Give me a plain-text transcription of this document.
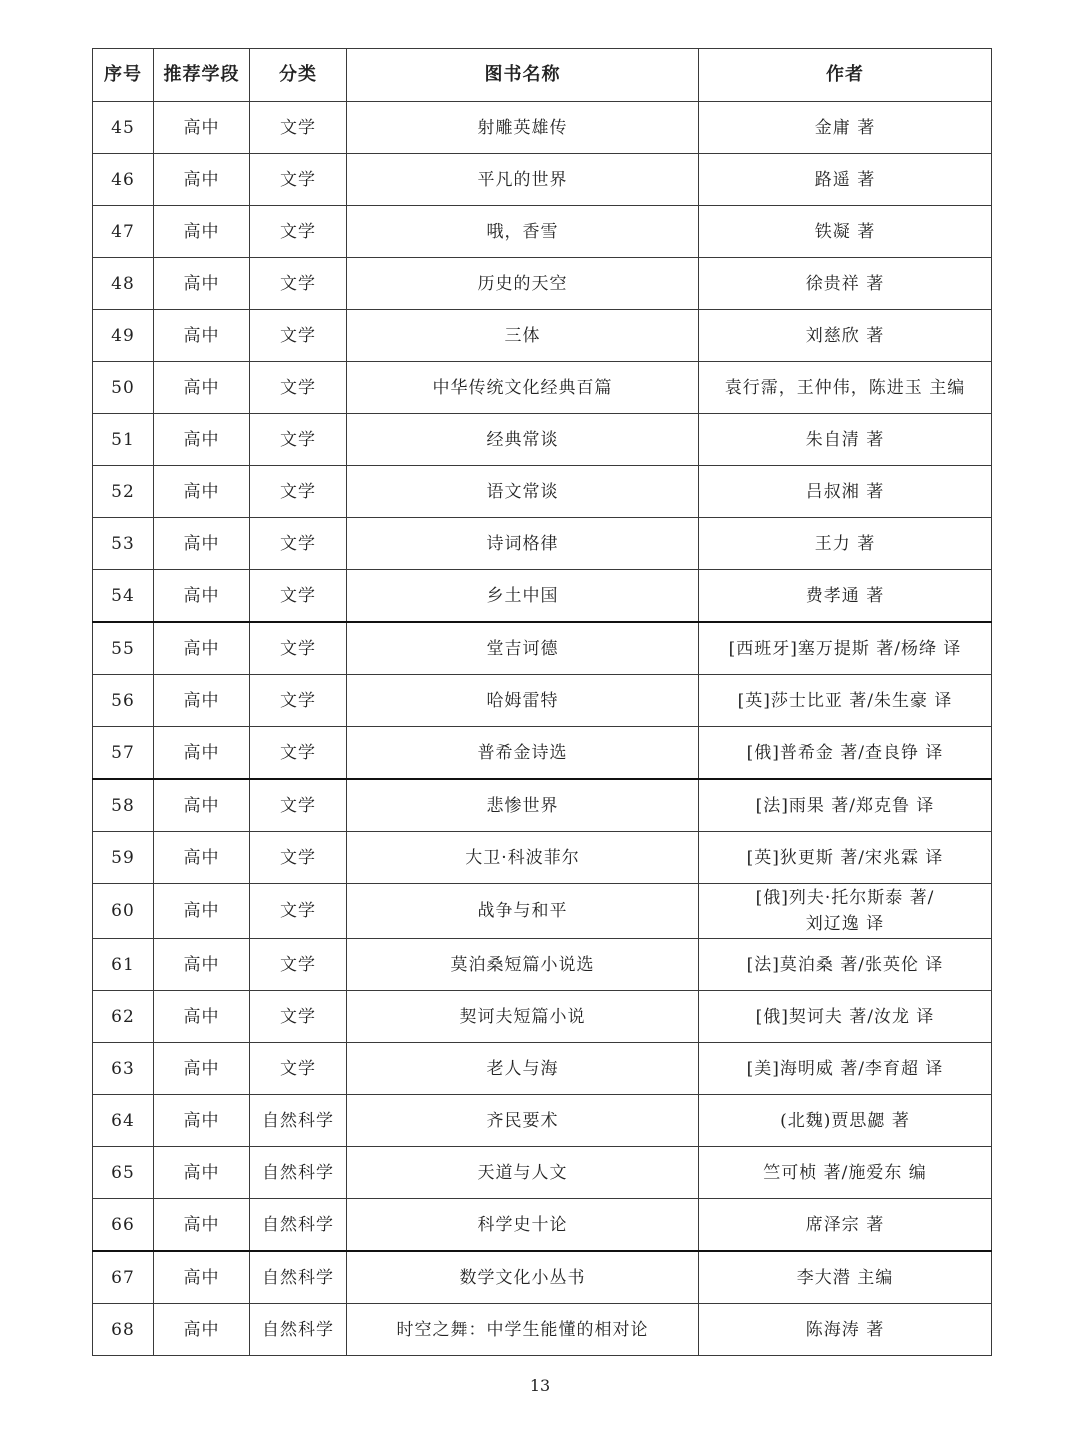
序号	推荐学段	分类	图书名称	作者
45	高中	文学	射雕英雄传	金庸 著

46	高中	文学	平凡的世界	路遥 著

47	高中	文学	哦，香雪	铁凝 著

48	高中	文学	历史的天空	徐贵祥 著

49	高中	文学	三体	刘慈欣 著

50	高中	文学	中华传统文化经典百篇	袁行霈，王仲伟，陈进玉 主编

51	高中	文学	经典常谈	朱自清 著

52	高中	文学	语文常谈	吕叔湘 著

53	高中	文学	诗词格律	王力 著

54	高中	文学	乡土中国	费孝通 著

55	高中	文学	堂吉诃德	[西班牙]塞万提斯 著/杨绛 译

56	高中	文学	哈姆雷特	[英]莎士比亚 著/朱生豪 译

57	高中	文学	普希金诗选	[俄]普希金 著/查良铮 译

58	高中	文学	悲惨世界	[法]雨果 著/郑克鲁 译

59	高中	文学	大卫·科波菲尔	[英]狄更斯 著/宋兆霖 译

60	高中	文学	战争与和平	[俄]列夫·托尔斯泰 著/
刘辽逸 译

61	高中	文学	莫泊桑短篇小说选	[法]莫泊桑 著/张英伦 译

62	高中	文学	契诃夫短篇小说	[俄]契诃夫 著/汝龙 译

63	高中	文学	老人与海	[美]海明威 著/李育超 译

64	高中	自然科学	齐民要术	(北魏)贾思勰 著

65	高中	自然科学	天道与人文	竺可桢 著/施爱东 编

66	高中	自然科学	科学史十论	席泽宗 著

67	高中	自然科学	数学文化小丛书	李大潜 主编

68	高中	自然科学	时空之舞：中学生能懂的相对论	陈海涛 著
13
